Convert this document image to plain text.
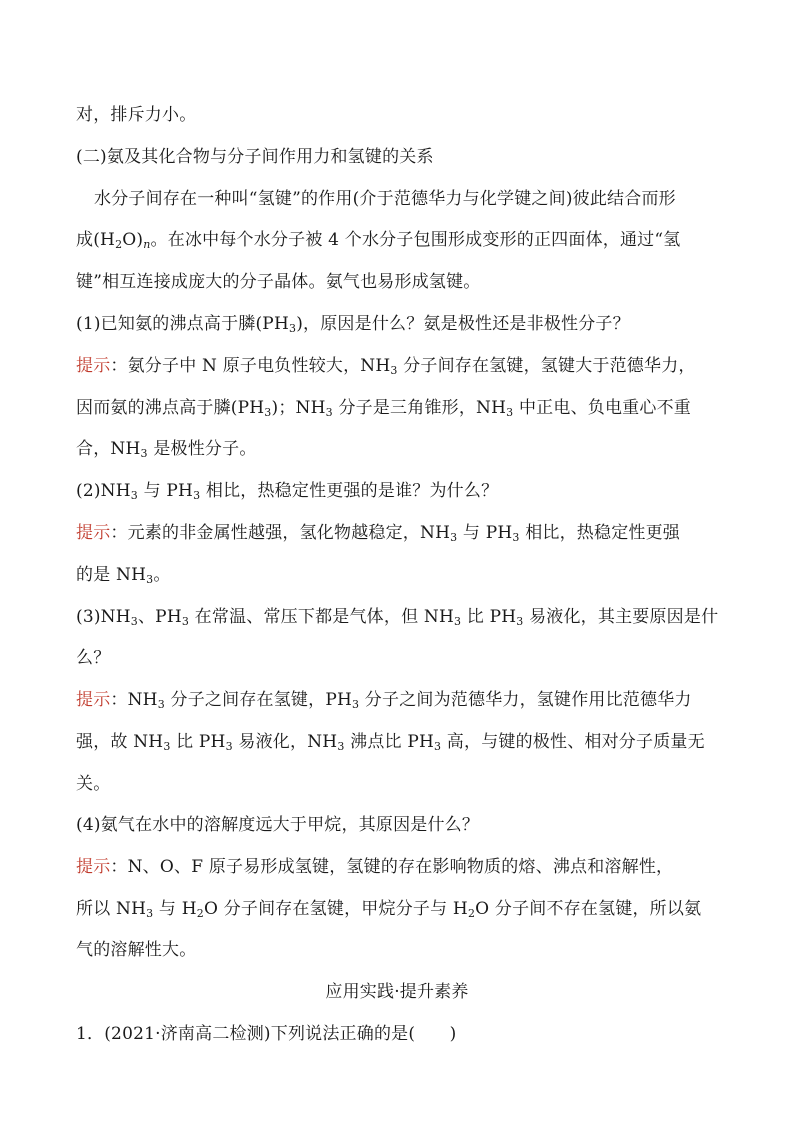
对，排斥力小。
(二)氨及其化合物与分子间作用力和氢键的关系
水分子间存在一种叫“氢键”的作用(介于范德华力与化学键之间)彼此结合而形
成$(H_2O)_n$。在冰中每个水分子被 4 个水分子包围形成变形的正四面体，通过“氢
键”相互连接成庞大的分子晶体。氨气也易形成氢键。
(1)已知氨的沸点高于膦$(PH_3)$，原因是什么？氨是极性还是非极性分子？
提示：氨分子中 N 原子电负性较大，$NH_3$ 分子间存在氢键，氢键大于范德华力，
因而氨的沸点高于膦$(PH_3)$；$NH_3$ 分子是三角锥形，$NH_3$ 中正电、负电重心不重
合，$NH_3$ 是极性分子。
$(2)NH_3$ 与 $PH_3$ 相比，热稳定性更强的是谁？为什么？
提示：元素的非金属性越强，氢化物越稳定，$NH_3$ 与 $PH_3$ 相比，热稳定性更强
的是 $NH_3$。
$(3)NH_3$、$PH_3$ 在常温、常压下都是气体，但 $NH_3$ 比 $PH_3$ 易液化，其主要原因是什
么？
提示：$NH_3$ 分子之间存在氢键，$PH_3$ 分子之间为范德华力，氢键作用比范德华力
强，故 $NH_3$ 比 $PH_3$ 易液化，$NH_3$ 沸点比 $PH_3$ 高，与键的极性、相对分子质量无
关。
(4)氨气在水中的溶解度远大于甲烷，其原因是什么？
提示：N、O、F 原子易形成氢键，氢键的存在影响物质的熔、沸点和溶解性，
所以 $NH_3$ 与 $H_2O$ 分子间存在氢键，甲烷分子与 $H_2O$ 分子间不存在氢键，所以氨
气的溶解性大。
应用实践·提升素养
1．(2021·济南高二检测)下列说法正确的是(　　)
